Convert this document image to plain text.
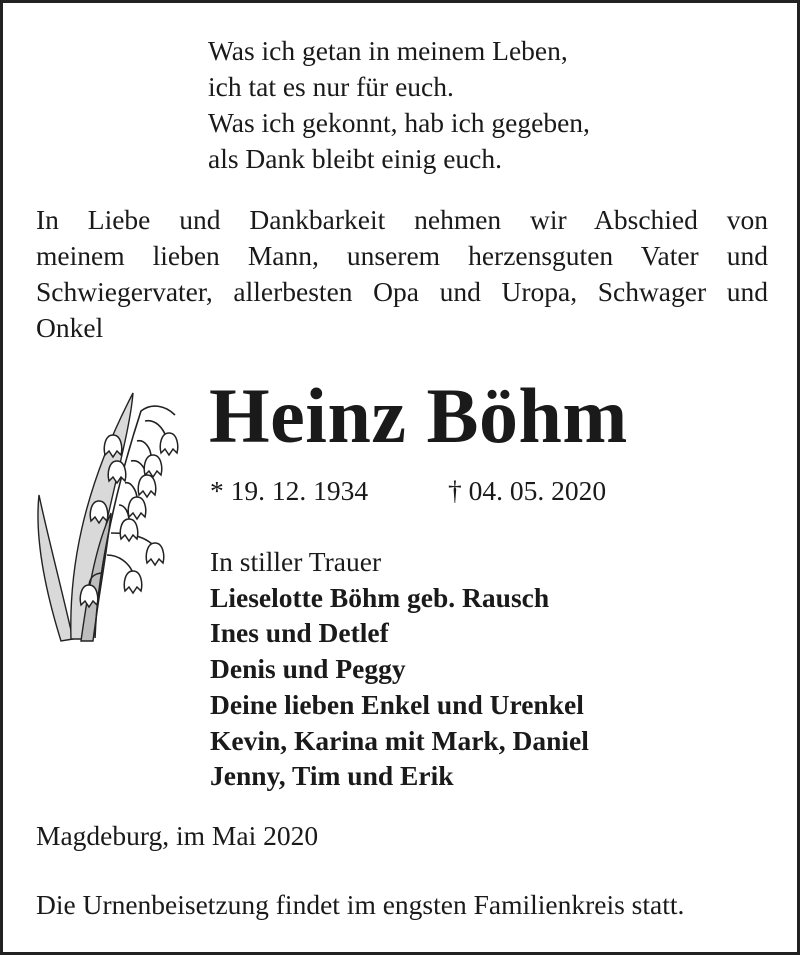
Was ich getan in meinem Leben,
ich tat es nur für euch.
Was ich gekonnt, hab ich gegeben,
als Dank bleibt einig euch.
In Liebe und Dankbarkeit nehmen wir Abschied von
meinem lieben Mann, unserem herzensguten Vater und
Schwiegervater, allerbesten Opa und Uropa, Schwager und
Onkel
Heinz Böhm
* 19. 12. 1934	† 04. 05. 2020
In stiller Trauer
Lieselotte Böhm geb. Rausch
Ines und Detlef
Denis und Peggy
Deine lieben Enkel und Urenkel
Kevin, Karina mit Mark, Daniel
Jenny, Tim und Erik
Magdeburg, im Mai 2020
Die Urnenbeisetzung findet im engsten Familienkreis statt.
